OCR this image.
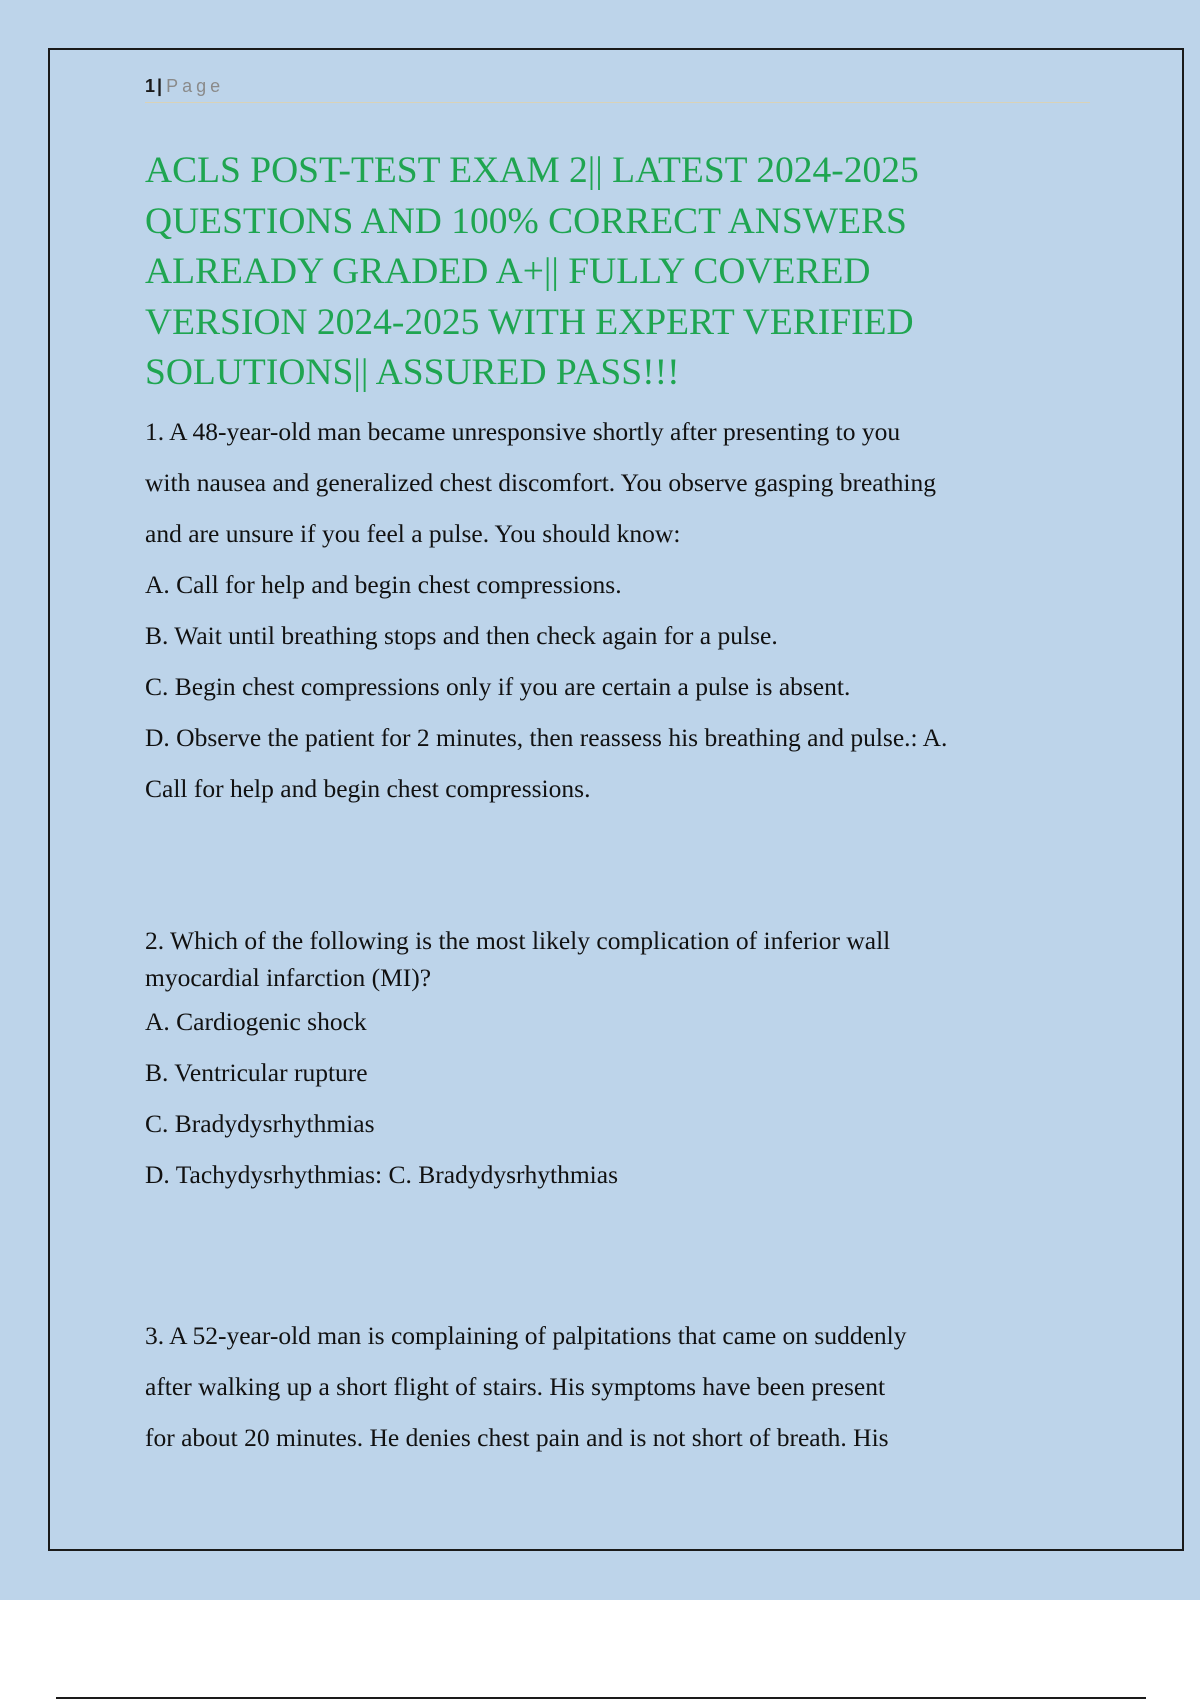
1 | Page
ACLS POST-TEST EXAM 2|| LATEST 2024-2025
QUESTIONS AND 100% CORRECT ANSWERS
ALREADY GRADED A+|| FULLY COVERED
VERSION 2024-2025 WITH EXPERT VERIFIED
SOLUTIONS|| ASSURED PASS!!!
1. A 48-year-old man became unresponsive shortly after presenting to you
with nausea and generalized chest discomfort. You observe gasping breathing
and are unsure if you feel a pulse. You should know:
A. Call for help and begin chest compressions.
B. Wait until breathing stops and then check again for a pulse.
C. Begin chest compressions only if you are certain a pulse is absent.
D. Observe the patient for 2 minutes, then reassess his breathing and pulse.: A.
Call for help and begin chest compressions.
2. Which of the following is the most likely complication of inferior wall
myocardial infarction (MI)?
A. Cardiogenic shock
B. Ventricular rupture
C. Bradydysrhythmias
D. Tachydysrhythmias: C. Bradydysrhythmias
3. A 52-year-old man is complaining of palpitations that came on suddenly
after walking up a short flight of stairs. His symptoms have been present
for about 20 minutes. He denies chest pain and is not short of breath. His
